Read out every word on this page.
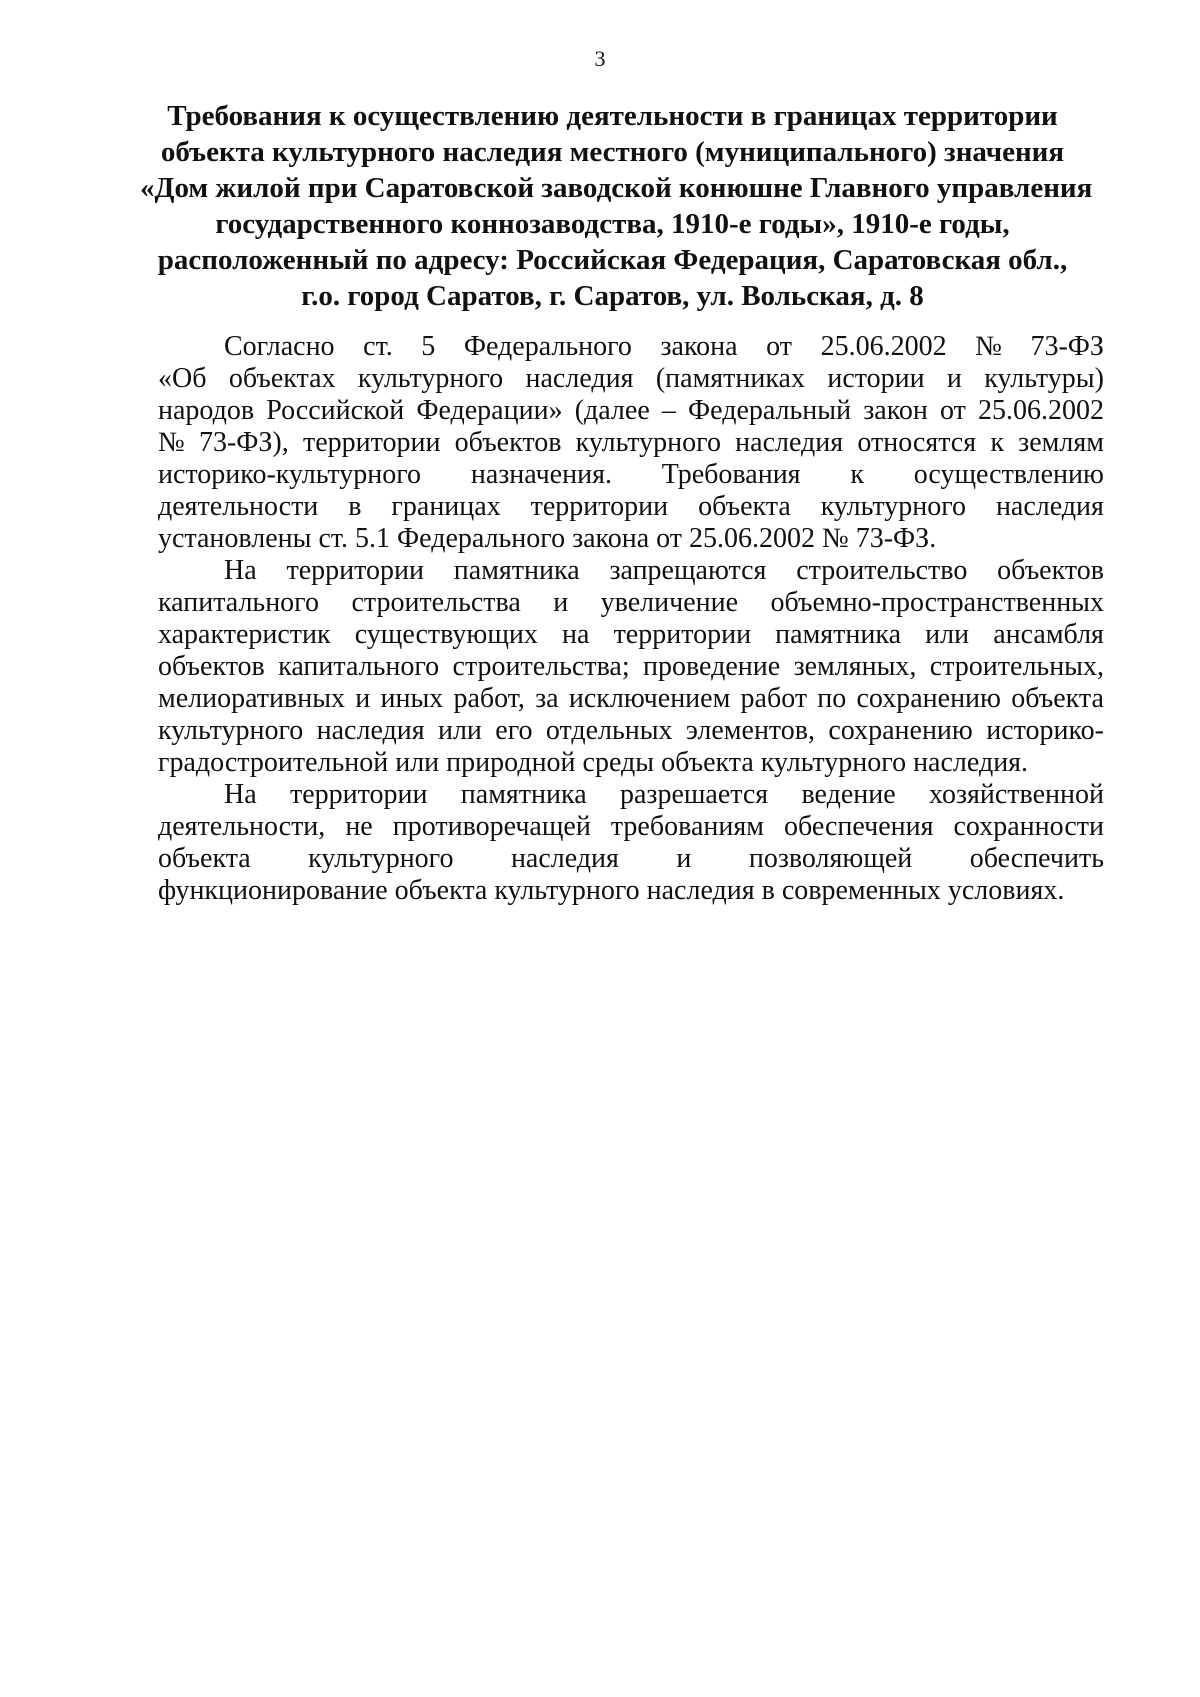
3
Требования к осуществлению деятельности в границах территории
объекта культурного наследия местного (муниципального) значения
«Дом жилой при Саратовской заводской конюшне Главного управления
государственного коннозаводства, 1910-е годы», 1910-е годы,
расположенный по адресу: Российская Федерация, Саратовская обл.,
г.о. город Саратов, г. Саратов, ул. Вольская, д. 8
Согласно ст. 5 Федерального закона от 25.06.2002 № 73-ФЗ
«Об объектах культурного наследия (памятниках истории и культуры)
народов Российской Федерации» (далее – Федеральный закон от 25.06.2002
№ 73-ФЗ), территории объектов культурного наследия относятся к землям
историко-культурного назначения. Требования к осуществлению
деятельности в границах территории объекта культурного наследия
установлены ст. 5.1 Федерального закона от 25.06.2002 № 73-ФЗ.
На территории памятника запрещаются строительство объектов
капитального строительства и увеличение объемно-пространственных
характеристик существующих на территории памятника или ансамбля
объектов капитального строительства; проведение земляных, строительных,
мелиоративных и иных работ, за исключением работ по сохранению объекта
культурного наследия или его отдельных элементов, сохранению историко-
градостроительной или природной среды объекта культурного наследия.
На территории памятника разрешается ведение хозяйственной
деятельности, не противоречащей требованиям обеспечения сохранности
объекта культурного наследия и позволяющей обеспечить
функционирование объекта культурного наследия в современных условиях.
